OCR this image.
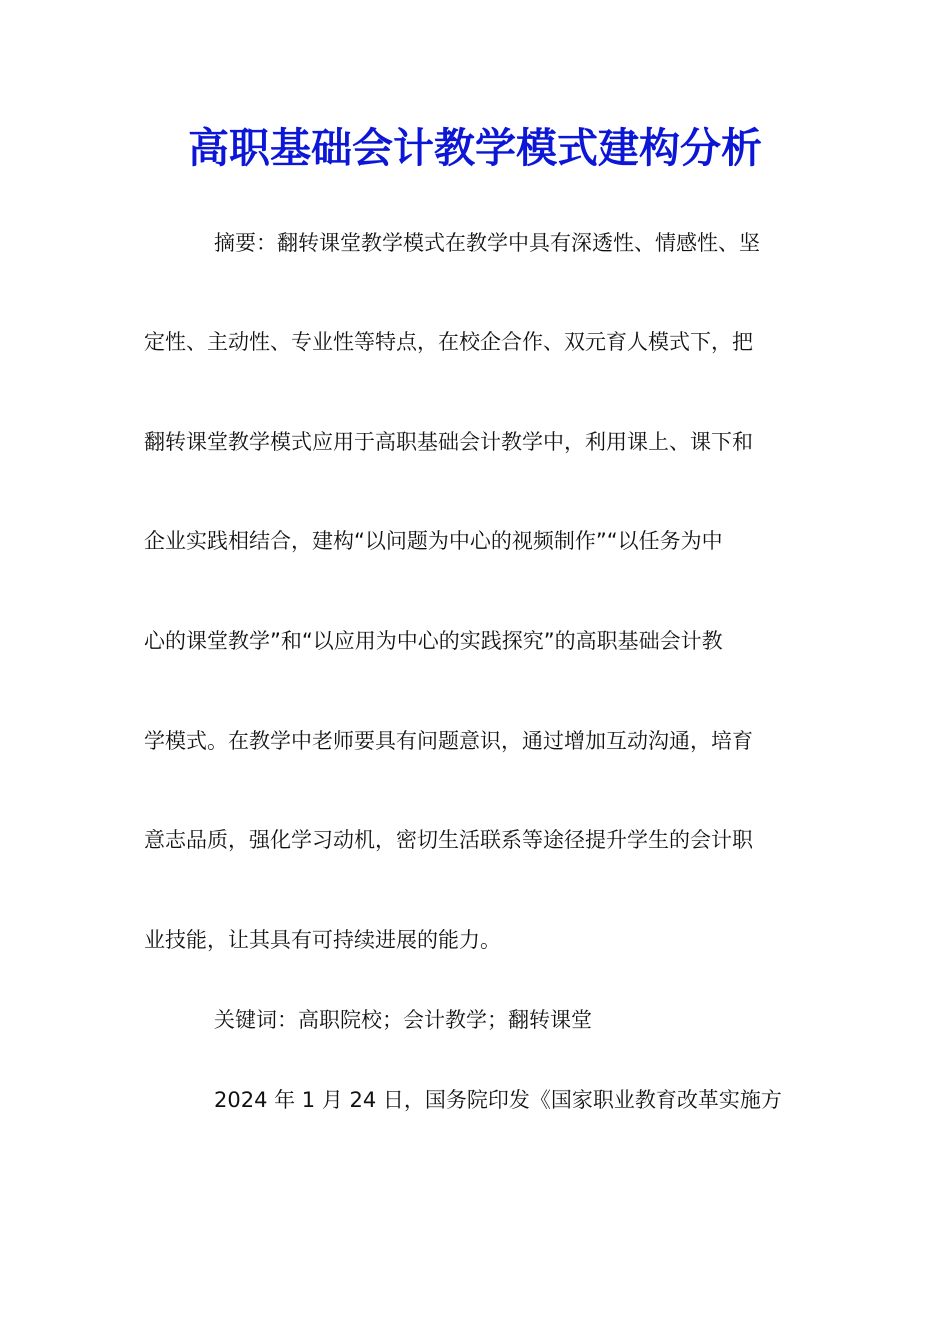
高职基础会计教学模式建构分析
摘要：翻转课堂教学模式在教学中具有深透性、情感性、坚
定性、主动性、专业性等特点，在校企合作、双元育人模式下，把
翻转课堂教学模式应用于高职基础会计教学中，利用课上、课下和
企业实践相结合，建构“以问题为中心的视频制作”“以任务为中
心的课堂教学”和“以应用为中心的实践探究”的高职基础会计教
学模式。在教学中老师要具有问题意识，通过增加互动沟通，培育
意志品质，强化学习动机，密切生活联系等途径提升学生的会计职
业技能，让其具有可持续进展的能力。
关键词：高职院校；会计教学；翻转课堂
2024 年 1 月 24 日，国务院印发《国家职业教育改革实施方
